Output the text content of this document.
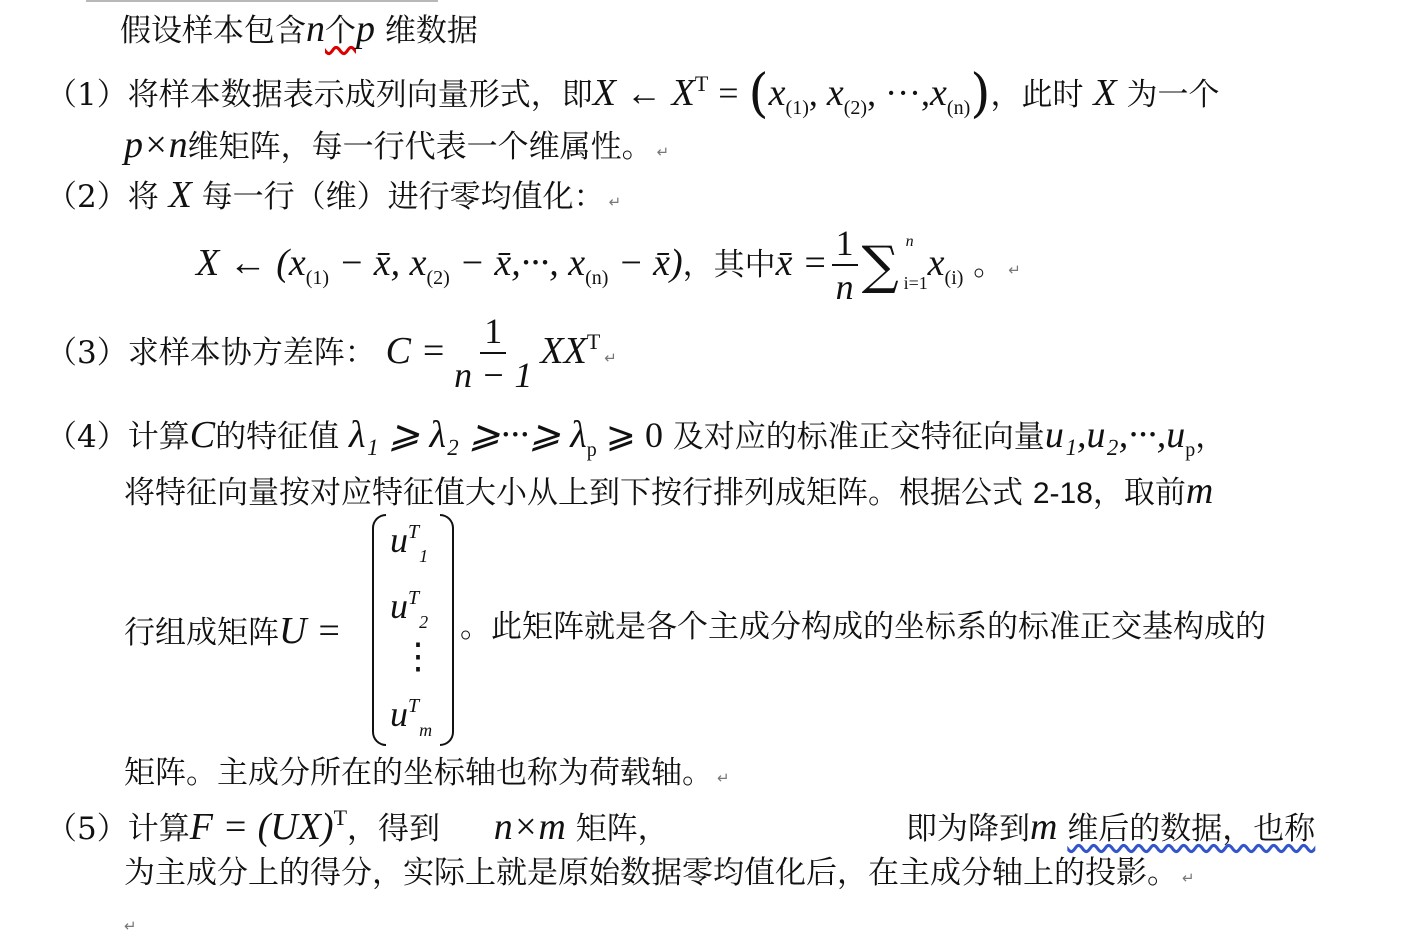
假设样本包含n个p 维数据
（1）将样本数据表示成列向量形式，即X ← $X^T = (x_{(1)}$, $x_{(2)}$, $\cdot\cdot\cdot,x_{(n)}$)，此时 X 为一个
p×n维矩阵，每一行代表一个维属性。 ↵
（2）将 X 每一行（维）进行零均值化： ↵
X ← ($x_{(1)}$ − x̄, $x_{(2)}$ − x̄,···, $x_{(n)}$ − x̄)，其中x̄ = $\frac{1}{n}$ ∑ n
i=1 $x_{(i)}$ 。 ↵
（3）求样本协方差阵： $C = \frac{1}{n - 1}$ $XX^T↵$
（4）计算C的特征值 λ₁ ⩾ λ₂ ⩾···⩾ $\lambda_p$ ⩾ 0 及对应的标准正交特征向量$u_1,u_2,\cdot\cdot\cdot,u_p$，
将特征向量按对应特征值大小从上到下按行排列成矩阵。根据公式 2-18，取前m
行组成矩阵U =
$u^T_1$
$u^T_2$
⋮
$u^T_m$
。此矩阵就是各个主成分构成的坐标系的标准正交基构成的
矩阵。主成分所在的坐标轴也称为荷载轴。 ↵
（5）计算F = (UX)$^T$，得到 n×m 矩阵，	即为降到m 维后的数据，也称
为主成分上的得分，实际上就是原始数据零均值化后，在主成分轴上的投影。 ↵
↵
